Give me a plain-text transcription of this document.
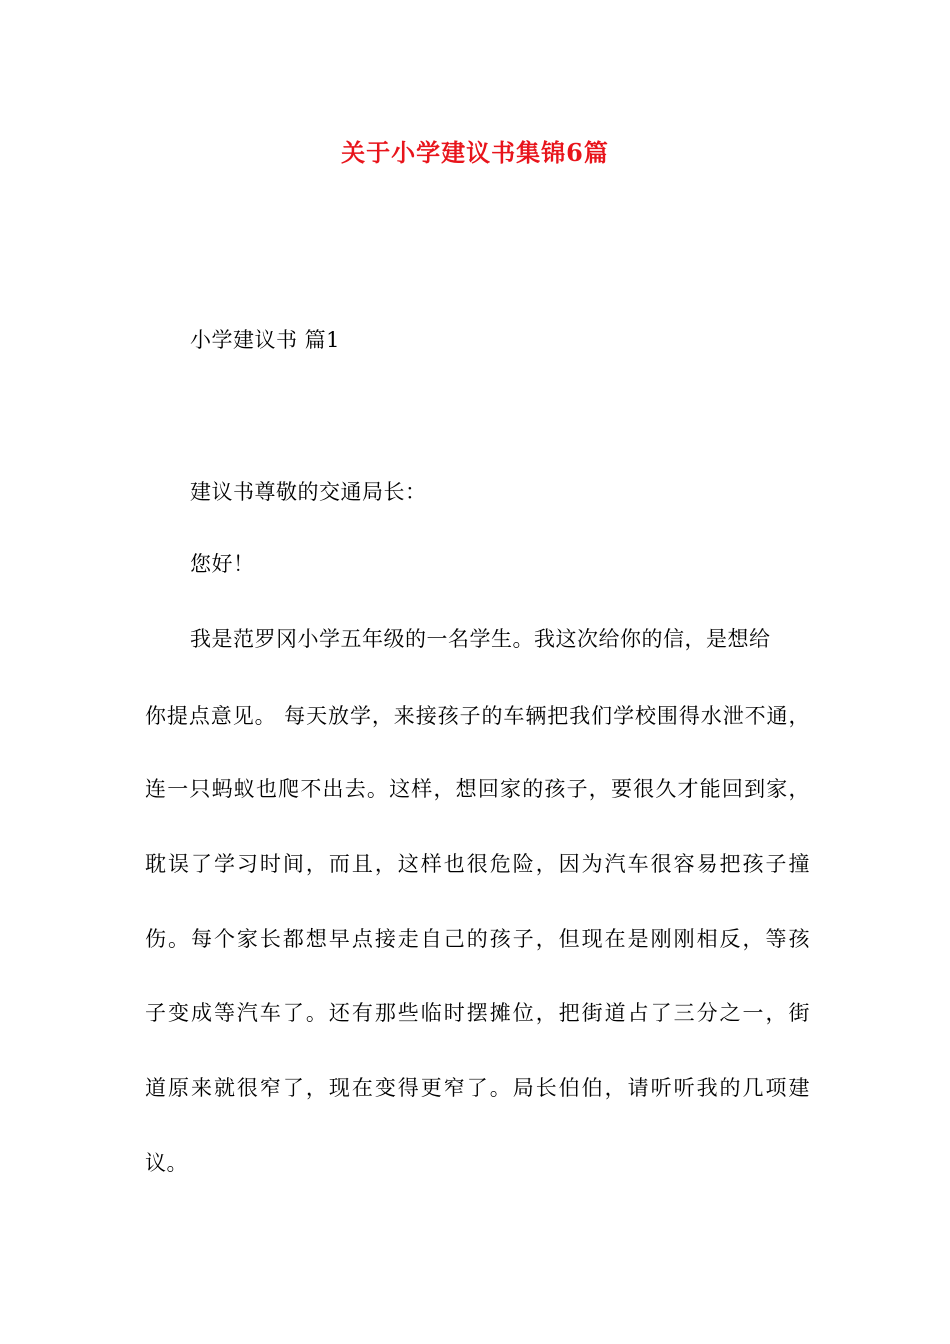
关于小学建议书集锦6篇
小学建议书 篇1
建议书尊敬的交通局长：
您好！
我是范罗冈小学五年级的一名学生。我这次给你的信，是想给
你提点意见。 每天放学，来接孩子的车辆把我们学校围得水泄不通，
连一只蚂蚁也爬不出去。这样，想回家的孩子，要很久才能回到家，
耽误了学习时间，而且，这样也很危险，因为汽车很容易把孩子撞
伤。每个家长都想早点接走自己的孩子，但现在是刚刚相反，等孩
子变成等汽车了。还有那些临时摆摊位，把街道占了三分之一，街
道原来就很窄了，现在变得更窄了。局长伯伯，请听听我的几项建
议。
